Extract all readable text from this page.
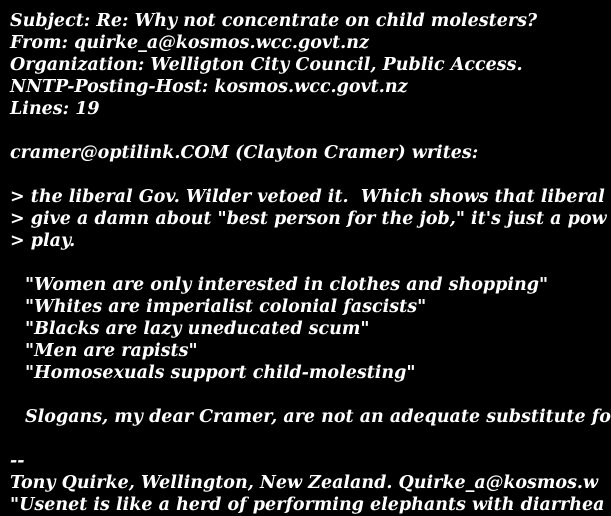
Subject: Re: Why not concentrate on child molesters?
From: quirke_a@kosmos.wcc.govt.nz
Organization: Welligton City Council, Public Access.
NNTP-Posting-Host: kosmos.wcc.govt.nz
Lines: 19
cramer@optilink.COM (Clayton Cramer) writes:
> the liberal Gov. Wilder vetoed it.  Which shows that liberal
> give a damn about "best person for the job," it's just a pow
> play.
"Women are only interested in clothes and shopping"
"Whites are imperialist colonial fascists"
"Blacks are lazy uneducated scum"
"Men are rapists"
"Homosexuals support child-molesting"
Slogans, my dear Cramer, are not an adequate substitute fo
--
Tony Quirke, Wellington, New Zealand. Quirke_a@kosmos.w
"Usenet is like a herd of performing elephants with diarrhea
